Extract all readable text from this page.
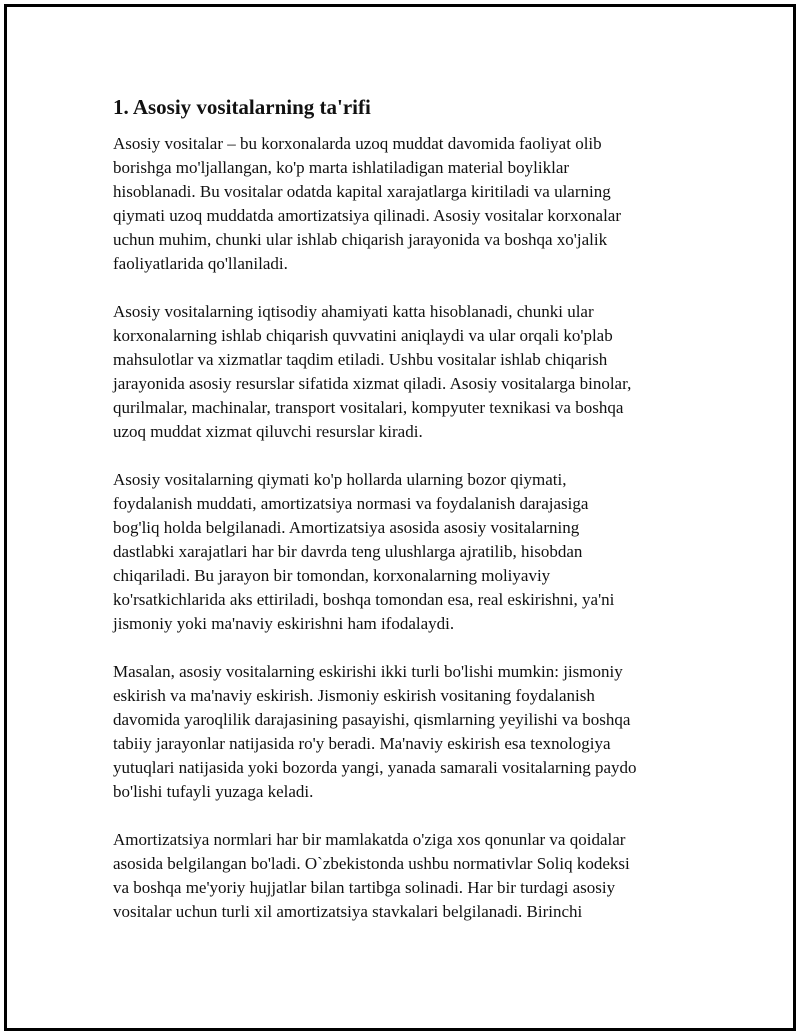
1. Asosiy vositalarning ta'rifi

Asosiy vositalar – bu korxonalarda uzoq muddat davomida faoliyat olib
borishga mo'ljallangan, ko'p marta ishlatiladigan material boyliklar
hisoblanadi. Bu vositalar odatda kapital xarajatlarga kiritiladi va ularning
qiymati uzoq muddatda amortizatsiya qilinadi. Asosiy vositalar korxonalar
uchun muhim, chunki ular ishlab chiqarish jarayonida va boshqa xo'jalik
faoliyatlarida qo'llaniladi.

Asosiy vositalarning iqtisodiy ahamiyati katta hisoblanadi, chunki ular
korxonalarning ishlab chiqarish quvvatini aniqlaydi va ular orqali ko'plab
mahsulotlar va xizmatlar taqdim etiladi. Ushbu vositalar ishlab chiqarish
jarayonida asosiy resurslar sifatida xizmat qiladi. Asosiy vositalarga binolar,
qurilmalar, machinalar, transport vositalari, kompyuter texnikasi va boshqa
uzoq muddat xizmat qiluvchi resurslar kiradi.

Asosiy vositalarning qiymati ko'p hollarda ularning bozor qiymati,
foydalanish muddati, amortizatsiya normasi va foydalanish darajasiga
bog'liq holda belgilanadi. Amortizatsiya asosida asosiy vositalarning
dastlabki xarajatlari har bir davrda teng ulushlarga ajratilib, hisobdan
chiqariladi. Bu jarayon bir tomondan, korxonalarning moliyaviy
ko'rsatkichlarida aks ettiriladi, boshqa tomondan esa, real eskirishni, ya'ni
jismoniy yoki ma'naviy eskirishni ham ifodalaydi.

Masalan, asosiy vositalarning eskirishi ikki turli bo'lishi mumkin: jismoniy
eskirish va ma'naviy eskirish. Jismoniy eskirish vositaning foydalanish
davomida yaroqlilik darajasining pasayishi, qismlarning yeyilishi va boshqa
tabiiy jarayonlar natijasida ro'y beradi. Ma'naviy eskirish esa texnologiya
yutuqlari natijasida yoki bozorda yangi, yanada samarali vositalarning paydo
bo'lishi tufayli yuzaga keladi.

Amortizatsiya normlari har bir mamlakatda o'ziga xos qonunlar va qoidalar
asosida belgilangan bo'ladi. O`zbekistonda ushbu normativlar Soliq kodeksi
va boshqa me'yoriy hujjatlar bilan tartibga solinadi. Har bir turdagi asosiy
vositalar uchun turli xil amortizatsiya stavkalari belgilanadi. Birinchi
